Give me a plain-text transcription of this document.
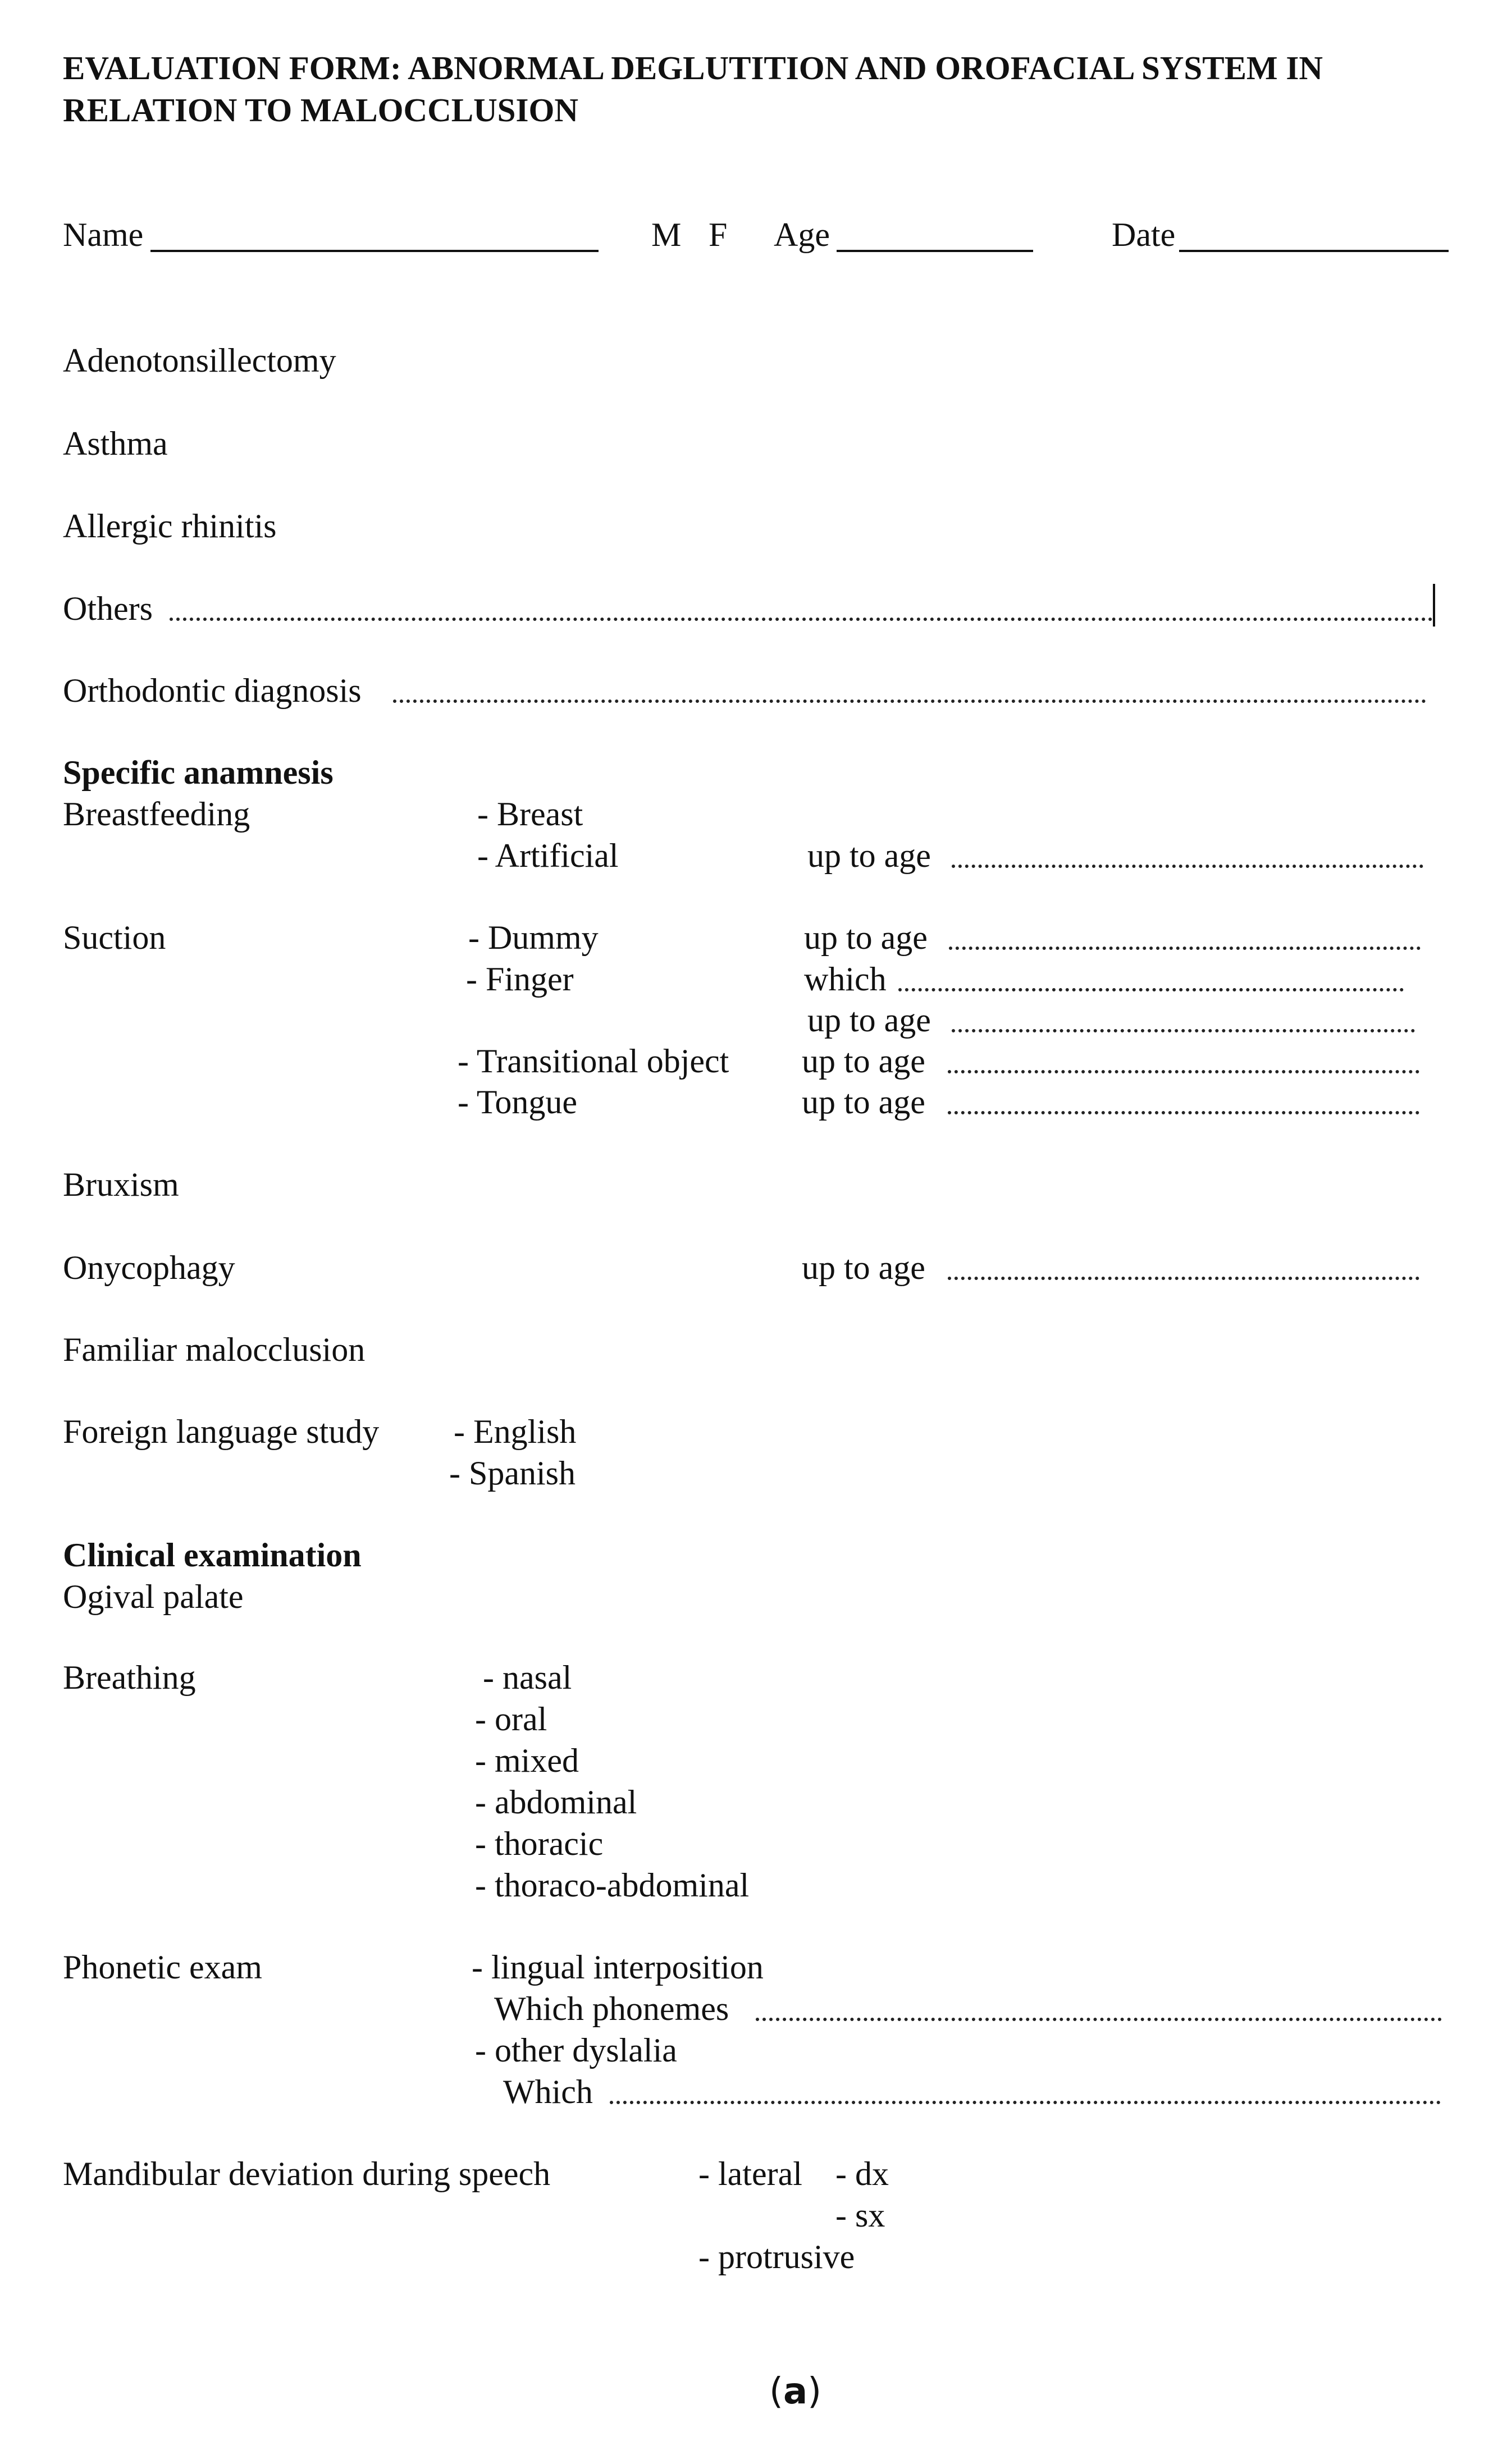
EVALUATION FORM: ABNORMAL DEGLUTITION AND OROFACIAL SYSTEM IN
RELATION TO MALOCCLUSION
Name	M F Age	Date
Adenotonsillectomy
Asthma
Allergic rhinitis
Others
Orthodontic diagnosis
Specific anamnesis
Breastfeeding	- Breast
- Artificial	up to age
Suction	- Dummy	up to age
- Finger	which
up to age
- Transitional object up to age
- Tongue	up to age
Bruxism
Onycophagy	up to age
Familiar malocclusion
Foreign language study - English
- Spanish
Clinical examination
Ogival palate
Breathing	- nasal
- oral
- mixed
- abdominal
- thoracic
- thoraco-abdominal
Phonetic exam	- lingual interposition
Which phonemes
- other dyslalia
Which
Mandibular deviation during speech	- lateral - dx
- sx
- protrusive
(a)
